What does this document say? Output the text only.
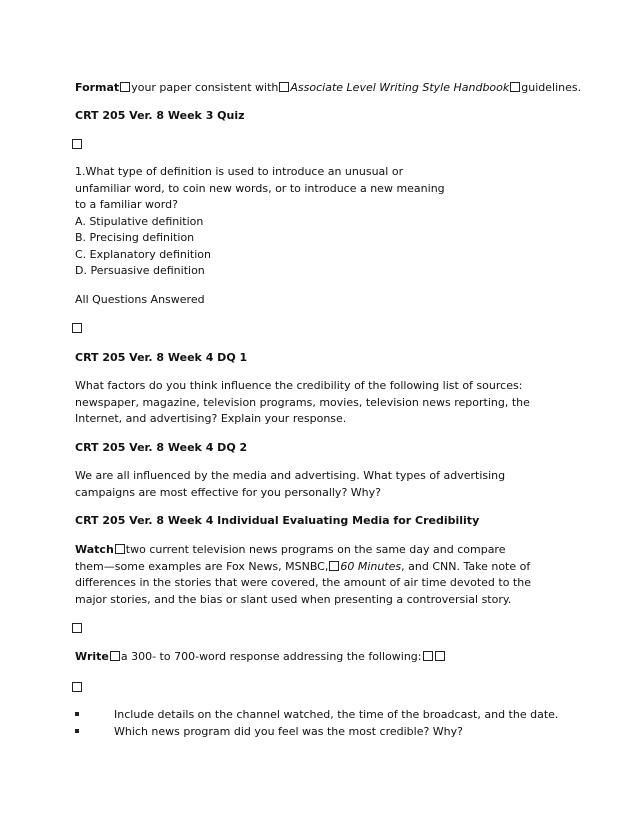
Format your paper consistent with Associate Level Writing Style Handbook guidelines.
CRT 205 Ver. 8 Week 3 Quiz
1.What type of definition is used to introduce an unusual or
unfamiliar word, to coin new words, or to introduce a new meaning
to a familiar word?
A. Stipulative definition
B. Precising definition
C. Explanatory definition
D. Persuasive definition
All Questions Answered
CRT 205 Ver. 8 Week 4 DQ 1
What factors do you think influence the credibility of the following list of sources:
newspaper, magazine, television programs, movies, television news reporting, the
Internet, and advertising? Explain your response.
CRT 205 Ver. 8 Week 4 DQ 2
We are all influenced by the media and advertising. What types of advertising
campaigns are most effective for you personally? Why?
CRT 205 Ver. 8 Week 4 Individual Evaluating Media for Credibility
Watch two current television news programs on the same day and compare
them—some examples are Fox News, MSNBC, 60 Minutes, and CNN. Take note of
differences in the stories that were covered, the amount of air time devoted to the
major stories, and the bias or slant used when presenting a controversial story.
Write a 300- to 700-word response addressing the following:
Include details on the channel watched, the time of the broadcast, and the date.
Which news program did you feel was the most credible? Why?
